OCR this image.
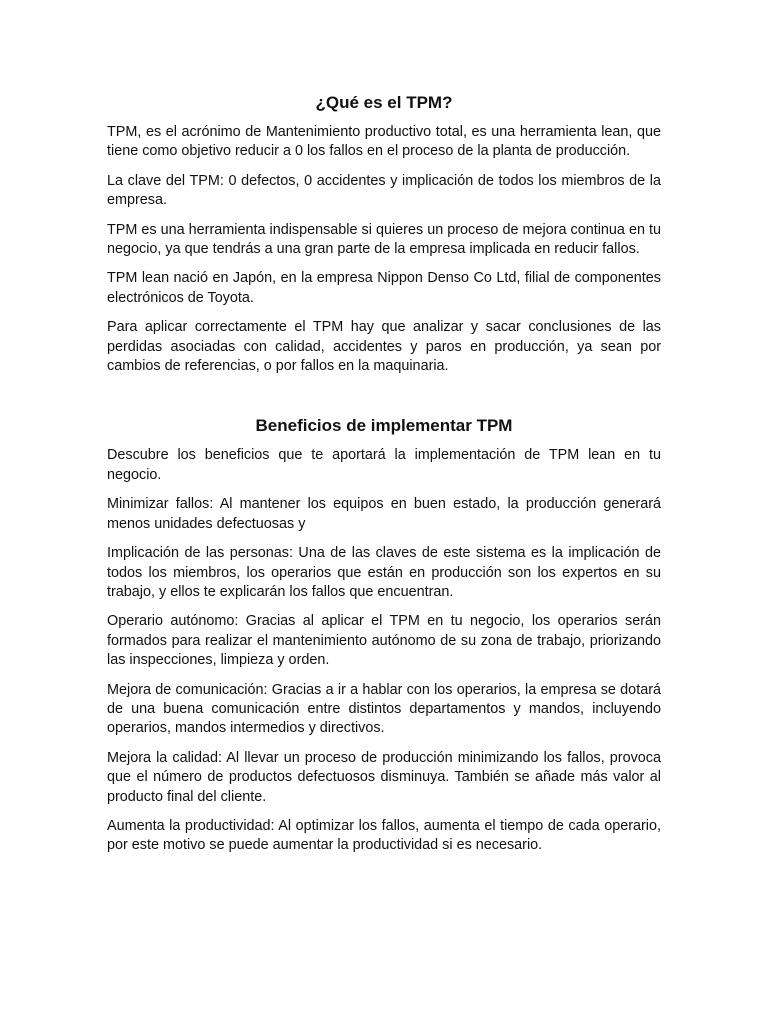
¿Qué es el TPM?

TPM, es el acrónimo de Mantenimiento productivo total, es una herramienta lean, que tiene como objetivo reducir a 0 los fallos en el proceso de la planta de producción.

La clave del TPM: 0 defectos, 0 accidentes y implicación de todos los miembros de la empresa.

TPM es una herramienta indispensable si quieres un proceso de mejora continua en tu negocio, ya que tendrás a una gran parte de la empresa implicada en reducir fallos.

TPM lean nació en Japón, en la empresa Nippon Denso Co Ltd, filial de componentes electrónicos de Toyota.

Para aplicar correctamente el TPM hay que analizar y sacar conclusiones de las perdidas asociadas con calidad, accidentes y paros en producción, ya sean por cambios de referencias, o por fallos en la maquinaria.

Beneficios de implementar TPM

Descubre los beneficios que te aportará la implementación de TPM lean en tu negocio.

Minimizar fallos: Al mantener los equipos en buen estado, la producción generará menos unidades defectuosas y

Implicación de las personas: Una de las claves de este sistema es la implicación de todos los miembros, los operarios que están en producción son los expertos en su trabajo, y ellos te explicarán los fallos que encuentran.

Operario autónomo: Gracias al aplicar el TPM en tu negocio, los operarios serán formados para realizar el mantenimiento autónomo de su zona de trabajo, priorizando las inspecciones, limpieza y orden.

Mejora de comunicación: Gracias a ir a hablar con los operarios, la empresa se dotará de una buena comunicación entre distintos departamentos y mandos, incluyendo operarios, mandos intermedios y directivos.

Mejora la calidad: Al llevar un proceso de producción minimizando los fallos, provoca que el número de productos defectuosos disminuya. También se añade más valor al producto final del cliente.

Aumenta la productividad: Al optimizar los fallos, aumenta el tiempo de cada operario, por este motivo se puede aumentar la productividad si es necesario.
